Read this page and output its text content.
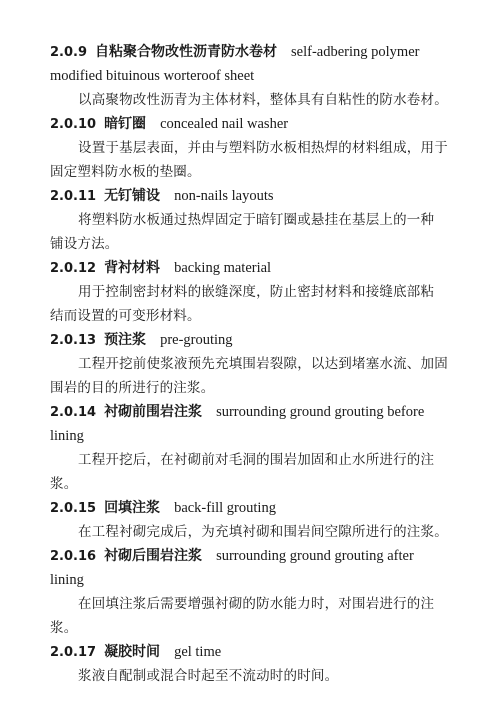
2.0.9 自粘聚合物改性沥青防水卷材 self-adbering polymer
modified bituinous worteroof sheet
以高聚物改性沥青为主体材料，整体具有自粘性的防水卷材。
2.0.10 暗钉圈 concealed nail washer
设置于基层表面，并由与塑料防水板相热焊的材料组成，用于
固定塑料防水板的垫圈。
2.0.11 无钉铺设 non-nails layouts
将塑料防水板通过热焊固定于暗钉圈或悬挂在基层上的一种
铺设方法。
2.0.12 背衬材料 backing material
用于控制密封材料的嵌缝深度，防止密封材料和接缝底部粘
结而设置的可变形材料。
2.0.13 预注浆 pre-grouting
工程开挖前使浆液预先充填围岩裂隙，以达到堵塞水流、加固
围岩的目的所进行的注浆。
2.0.14 衬砌前围岩注浆 surrounding ground grouting before
lining
工程开挖后，在衬砌前对毛洞的围岩加固和止水所进行的注
浆。
2.0.15 回填注浆 back-fill grouting
在工程衬砌完成后，为充填衬砌和围岩间空隙所进行的注浆。
2.0.16 衬砌后围岩注浆 surrounding ground grouting after
lining
在回填注浆后需要增强衬砌的防水能力时，对围岩进行的注
浆。
2.0.17 凝胶时间 gel time
浆液自配制或混合时起至不流动时的时间。
